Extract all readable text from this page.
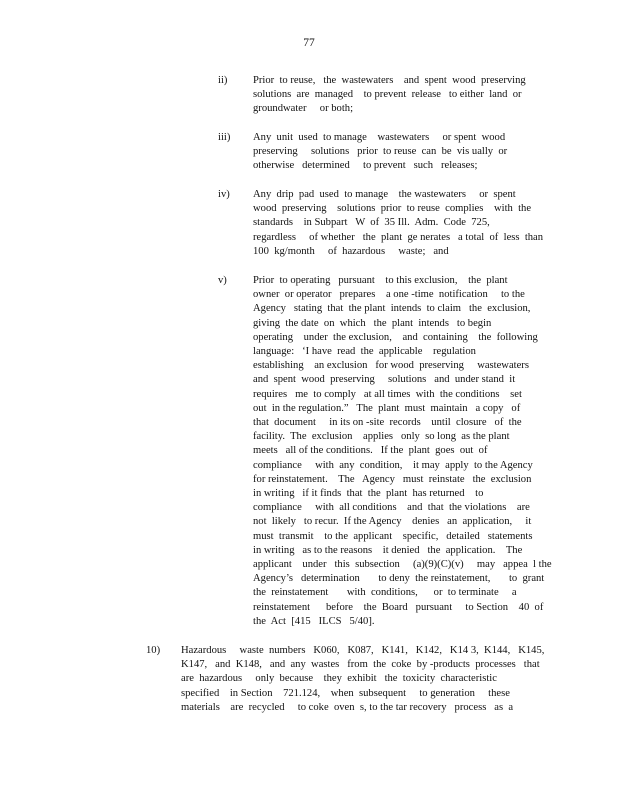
77
ii) Prior  to reuse,   the  wastewaters    and  spent  wood  preserving
solutions  are  managed    to prevent  release   to either  land  or
groundwater     or both;
iii) Any  unit  used  to manage    wastewaters     or spent  wood
preserving     solutions   prior  to reuse  can  be  vis ually  or
otherwise   determined     to prevent   such   releases;
iv) Any  drip  pad  used  to manage    the wastewaters     or  spent
wood  preserving    solutions  prior  to reuse  complies    with  the
standards    in Subpart   W  of  35 Ill.  Adm.  Code  725,
regardless     of whether   the  plant  ge nerates   a total  of  less  than
100  kg/month     of  hazardous     waste;   and
v) Prior  to operating   pursuant    to this exclusion,    the  plant
owner  or operator   prepares    a one -time  notification     to the
Agency   stating  that  the plant  intends  to claim   the  exclusion,
giving  the date  on  which   the  plant  intends   to begin
operating    under  the exclusion,    and  containing    the  following
language:   ‘I have  read  the  applicable    regulation
establishing    an exclusion   for wood  preserving     wastewaters
and  spent  wood  preserving     solutions   and  under stand  it
requires   me  to comply   at all times  with  the conditions    set
out  in the regulation.”   The  plant  must  maintain   a copy   of
that  document     in its on -site  records    until  closure   of  the
facility.  The  exclusion    applies   only  so long  as the plant
meets   all of the conditions.   If the  plant  goes  out  of
compliance     with  any  condition,    it may  apply  to the Agency
for reinstatement.    The   Agency   must  reinstate   the  exclusion
in writing   if it finds  that  the  plant  has returned    to
compliance     with  all conditions    and  that  the violations    are
not  likely   to recur.  If the Agency    denies   an  application,     it
must  transmit    to the  applicant    specific,   detailed   statements
in writing   as to the reasons    it denied   the  application.    The
applicant    under   this  subsection     (a)(9)(C)(v)     may   appea  l the
Agency’s   determination       to deny  the reinstatement,       to  grant
the  reinstatement       with  conditions,      or  to terminate     a
reinstatement      before    the  Board   pursuant     to Section    40  of
the  Act  [415   ILCS   5/40].
10) Hazardous     waste  numbers   K060,   K087,   K141,   K142,   K14 3,  K144,   K145,
K147,   and  K148,   and  any  wastes   from  the  coke  by -products  processes   that
are  hazardous     only  because    they  exhibit   the  toxicity  characteristic
specified    in Section    721.124,    when  subsequent     to generation     these
materials    are  recycled     to coke  oven  s, to the tar recovery   process   as  a
